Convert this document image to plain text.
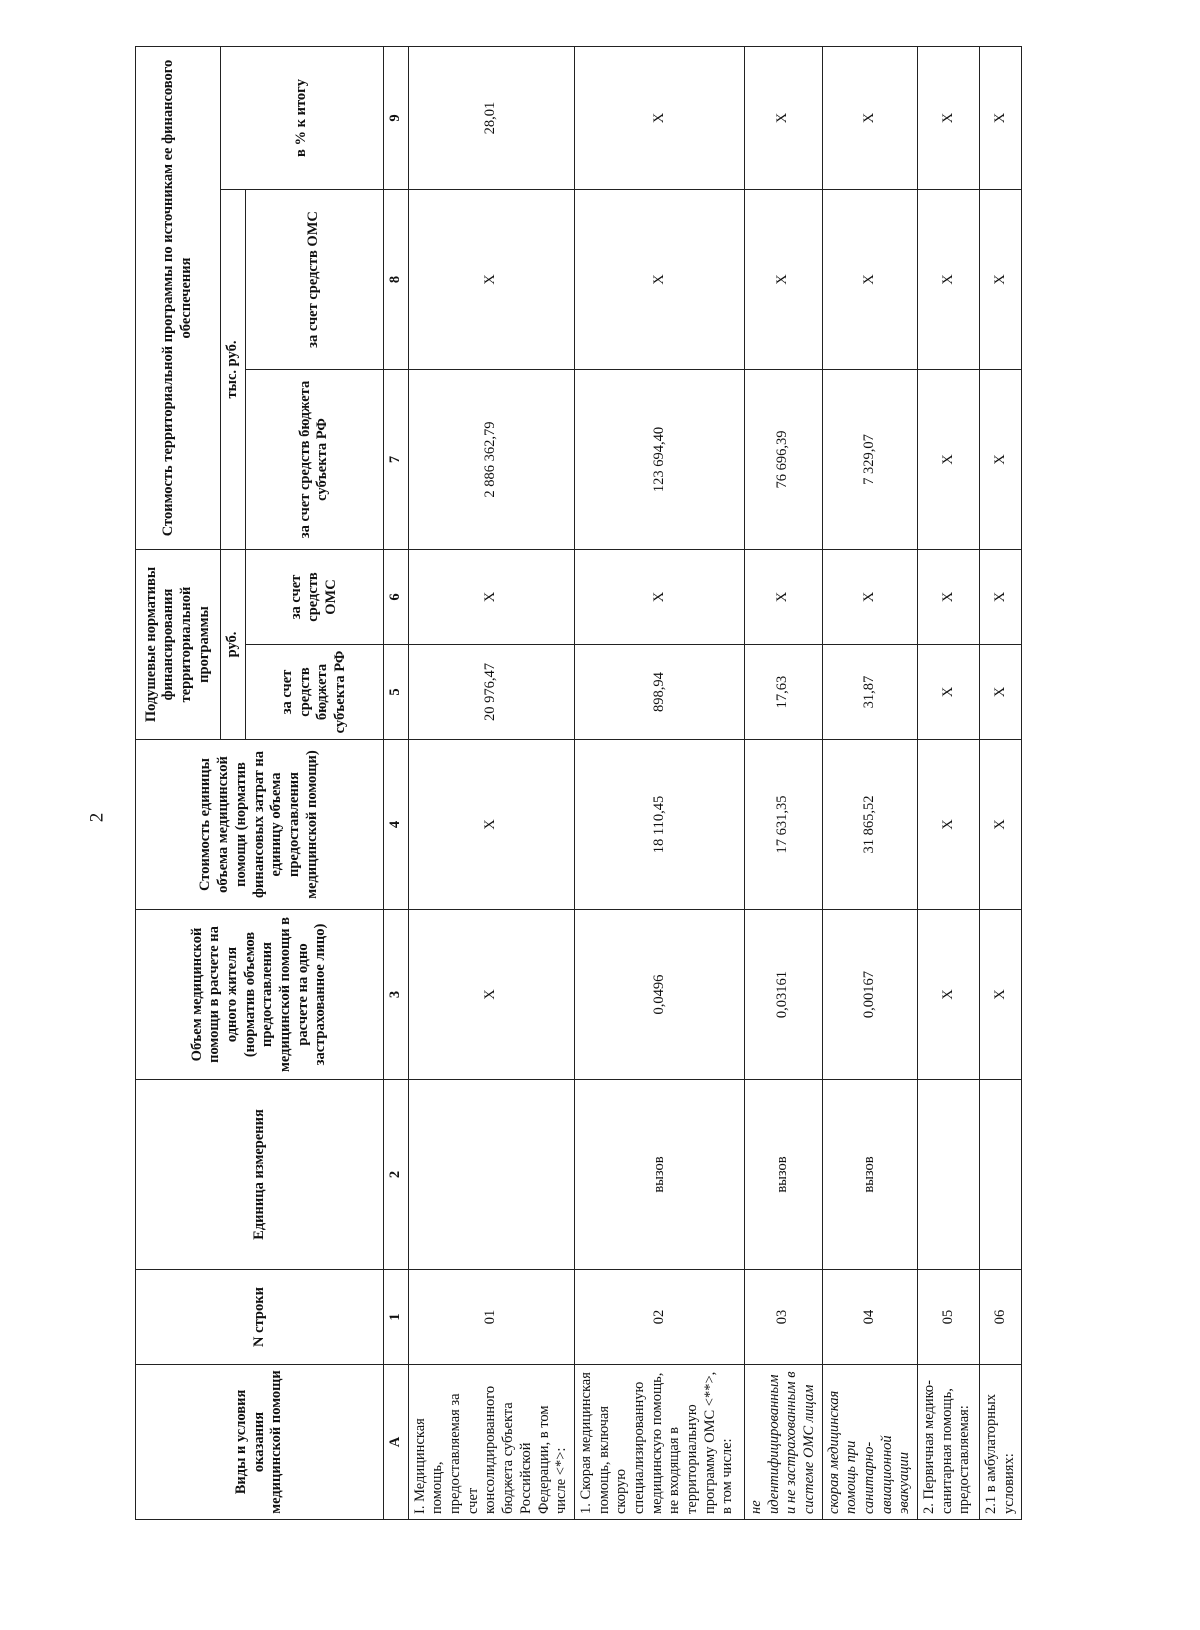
2
Виды и условия оказания медицинской помощи	N строки	Единица измерения	Объем медицинской помощи в расчете на одного жителя (норматив объемов предоставления медицинской помощи в расчете на одно застрахованное лицо)	Стоимость единицы объема медицинской помощи (норматив финансовых затрат на единицу объема предоставления медицинской помощи)	Подушевые нормативы финансирования территориальной программы		Стоимость территориальной программы по источникам ее финансового обеспечения		
					руб.		тыс. руб.		в % к итогу
					за счет средств бюджета субъекта РФ	за счет средств ОМС	за счет средств бюджета субъекта РФ	за счет средств ОМС	
А	1	2	3	4	5	6	7	8	9
I. Медицинская помощь, предоставляемая за счет консолидированного бюджета субъекта Российской Федерации, в том числе <*>:	01		X	X	20 976,47	X	2 886 362,79	X	28,01
1. Скорая медицинская помощь, включая скорую специализированную медицинскую помощь, не входящая в территориальную программу ОМС <**>, в том числе:	02	вызов	0,0496	18 110,45	898,94	X	123 694,40	X	X
не идентифицированным и не застрахованным в системе ОМС лицам	03	вызов	0,03161	17 631,35	17,63	X	76 696,39	X	X
скорая медицинская помощь при санитарно-авиационной эвакуации	04	вызов	0,00167	31 865,52	31,87	X	7 329,07	X	X
2. Первичная медико-санитарная помощь, предоставляемая:	05		X	X	X	X	X	X	X
2.1 в амбулаторных условиях:	06		X	X	X	X	X	X	X
